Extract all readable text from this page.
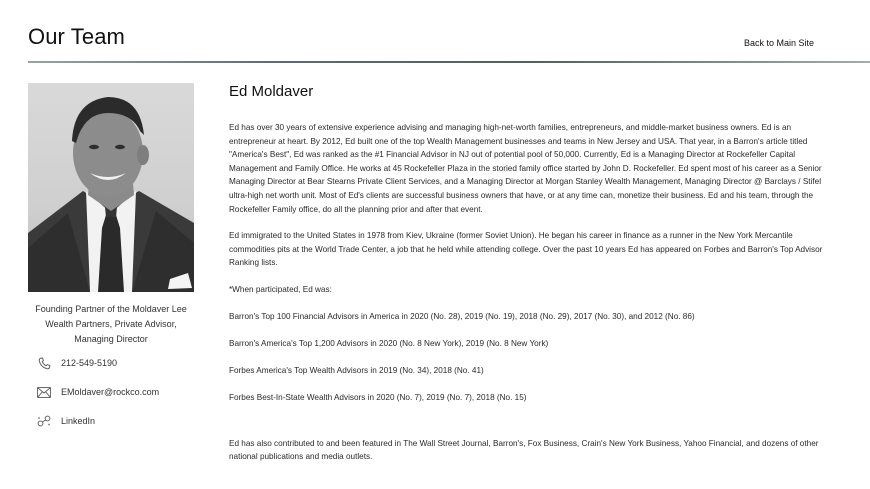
Our Team	Back to Main Site
Founding Partner of the Moldaver Lee Wealth Partners, Private Advisor, Managing Director
212-549-5190
EMoldaver@rockco.com
LinkedIn
Ed Moldaver

Ed has over 30 years of extensive experience advising and managing high-net-worth families, entrepreneurs, and middle-market business owners. Ed is an entrepreneur at heart. By 2012, Ed built one of the top Wealth Management businesses and teams in New Jersey and USA. That year, in a Barron's article titled "America's Best", Ed was ranked as the #1 Financial Advisor in NJ out of potential pool of 50,000. Currently, Ed is a Managing Director at Rockefeller Capital Management and Family Office. He works at 45 Rockefeller Plaza in the storied family office started by John D. Rockefeller. Ed spent most of his career as a Senior Managing Director at Bear Stearns Private Client Services, and a Managing Director at Morgan Stanley Wealth Management, Managing Director @ Barclays / Stifel ultra-high net worth unit. Most of Ed's clients are successful business owners that have, or at any time can, monetize their business. Ed and his team, through the Rockefeller Family office, do all the planning prior and after that event.

Ed immigrated to the United States in 1978 from Kiev, Ukraine (former Soviet Union). He began his career in finance as a runner in the New York Mercantile commodities pits at the World Trade Center, a job that he held while attending college. Over the past 10 years Ed has appeared on Forbes and Barron's Top Advisor Ranking lists.

*When participated, Ed was:

Barron's Top 100 Financial Advisors in America in 2020 (No. 28), 2019 (No. 19), 2018 (No. 29), 2017 (No. 30), and 2012 (No. 86)
Barron's America's Top 1,200 Advisors in 2020 (No. 8 New York), 2019 (No. 8 New York)
Forbes America's Top Wealth Advisors in 2019 (No. 34), 2018 (No. 41)
Forbes Best-In-State Wealth Advisors in 2020 (No. 7), 2019 (No. 7), 2018 (No. 15)

Ed has also contributed to and been featured in The Wall Street Journal, Barron's, Fox Business, Crain's New York Business, Yahoo Financial, and dozens of other national publications and media outlets.
